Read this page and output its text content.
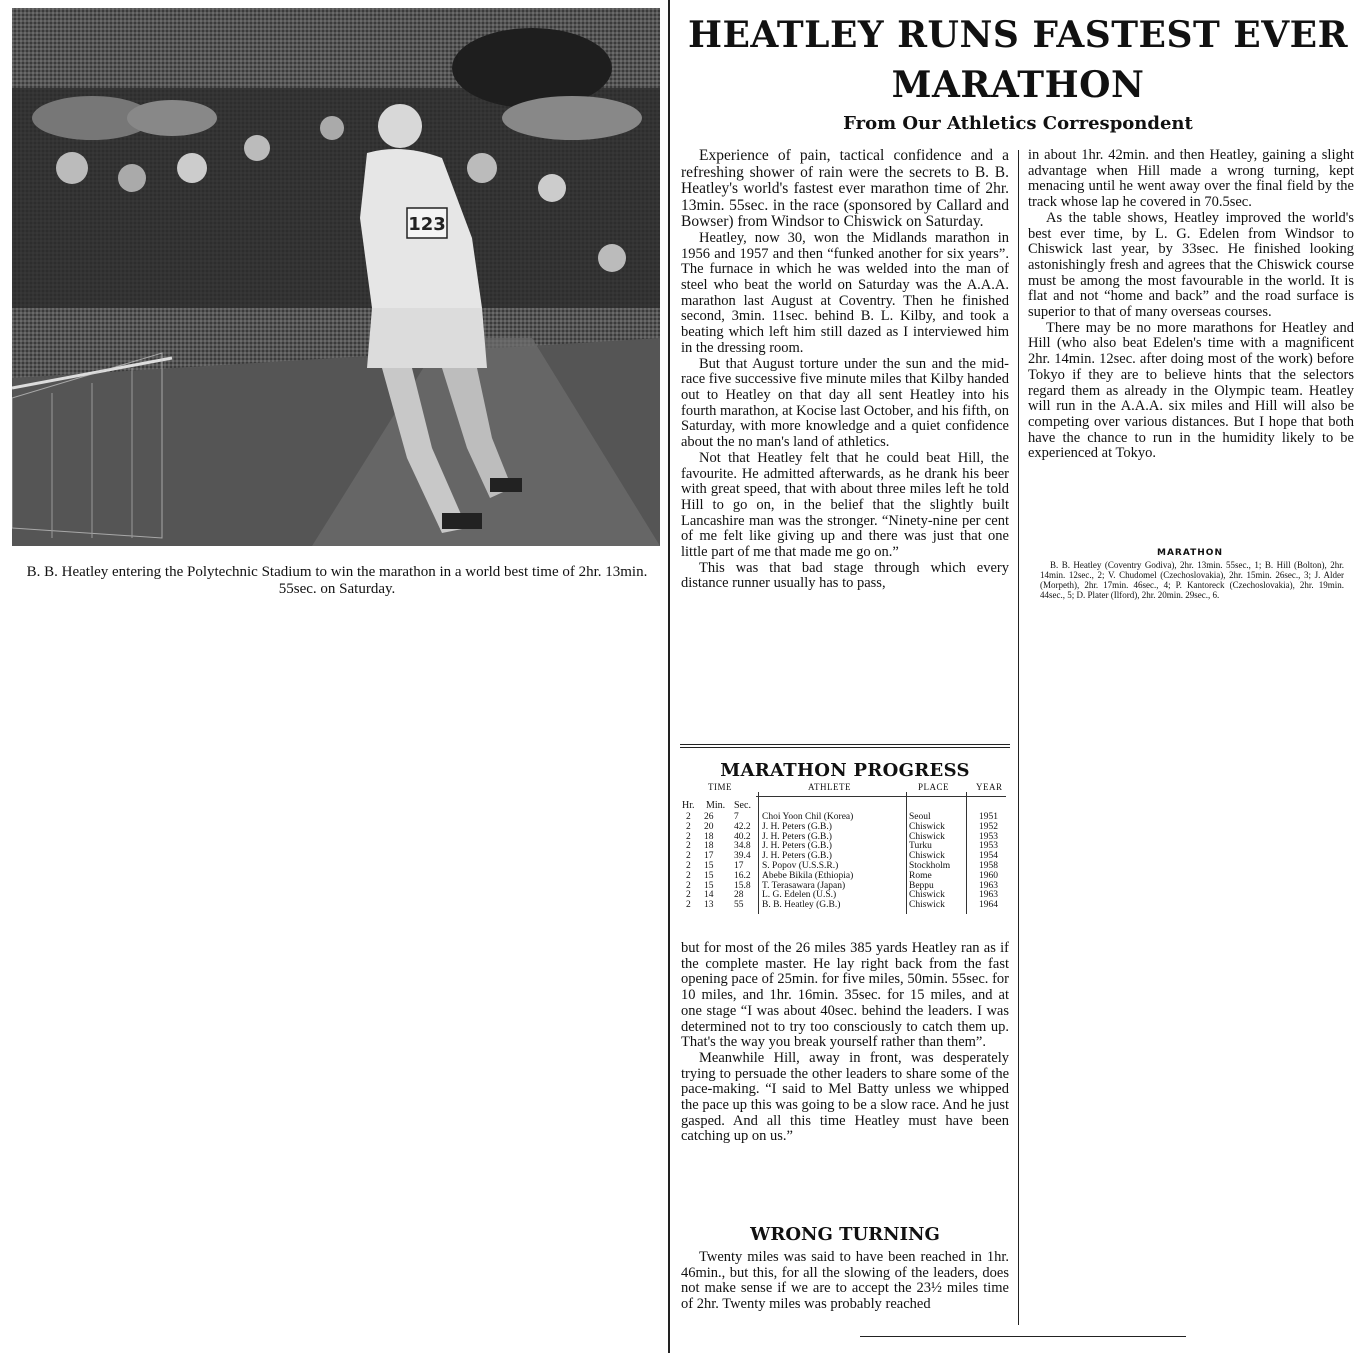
123
B. B. Heatley entering the Polytechnic Stadium to win the marathon in a world best time of 2hr. 13min. 55sec. on Saturday.
HEATLEY RUNS FASTEST EVER MARATHON
From Our Athletics Correspondent

Experience of pain, tactical confidence and a refreshing shower of rain were the secrets to B. B. Heatley's world's fastest ever marathon time of 2hr. 13min. 55sec. in the race (sponsored by Callard and Bowser) from Windsor to Chiswick on Saturday.

Heatley, now 30, won the Midlands marathon in 1956 and 1957 and then “funked another for six years”. The furnace in which he was welded into the man of steel who beat the world on Saturday was the A.A.A. marathon last August at Coventry. Then he finished second, 3min. 11sec. behind B. L. Kilby, and took a beating which left him still dazed as I interviewed him in the dressing room.

But that August torture under the sun and the mid-race five successive five minute miles that Kilby handed out to Heatley on that day all sent Heatley into his fourth marathon, at Kocise last October, and his fifth, on Saturday, with more knowledge and a quiet confidence about the no man's land of athletics.

Not that Heatley felt that he could beat Hill, the favourite. He admitted afterwards, as he drank his beer with great speed, that with about three miles left he told Hill to go on, in the belief that the slightly built Lancashire man was the stronger. “Ninety-nine per cent of me felt like giving up and there was just that one little part of me that made me go on.”

This was that bad stage through which every distance runner usually has to pass,

MARATHON PROGRESS
TIME	ATHLETE	PLACE	YEAR
Hr. Min. Sec.
2 26 7 Choi Yoon Chil (Korea)	Seoul	1951
2 20 42.2 J. H. Peters (G.B.)	Chiswick	1952
2 18 40.2 J. H. Peters (G.B.)	Chiswick	1953
2 18 34.8 J. H. Peters (G.B.)	Turku	1953
2 17 39.4 J. H. Peters (G.B.)	Chiswick	1954
2 15 17 S. Popov (U.S.S.R.)	Stockholm	1958
2 15 16.2 Abebe Bikila (Ethiopia)	Rome	1960
2 15 15.8 T. Terasawara (Japan)	Beppu	1963
2 14 28 L. G. Edelen (U.S.)	Chiswick	1963
2 13 55 B. B. Heatley (G.B.)	Chiswick	1964

but for most of the 26 miles 385 yards Heatley ran as if the complete master. He lay right back from the fast opening pace of 25min. for five miles, 50min. 55sec. for 10 miles, and 1hr. 16min. 35sec. for 15 miles, and at one stage “I was about 40sec. behind the leaders. I was determined not to try too consciously to catch them up. That's the way you break yourself rather than them”.

Meanwhile Hill, away in front, was desperately trying to persuade the other leaders to share some of the pace-making. “I said to Mel Batty unless we whipped the pace up this was going to be a slow race. And he just gasped. And all this time Heatley must have been catching up on us.”

WRONG TURNING

Twenty miles was said to have been reached in 1hr. 46min., but this, for all the slowing of the leaders, does not make sense if we are to accept the 23½ miles time of 2hr. Twenty miles was probably reached

in about 1hr. 42min. and then Heatley, gaining a slight advantage when Hill made a wrong turning, kept menacing until he went away over the final field by the track whose lap he covered in 70.5sec.

As the table shows, Heatley improved the world's best ever time, by L. G. Edelen from Windsor to Chiswick last year, by 33sec. He finished looking astonishingly fresh and agrees that the Chiswick course must be among the most favourable in the world. It is flat and not “home and back” and the road surface is superior to that of many overseas courses.

There may be no more marathons for Heatley and Hill (who also beat Edelen's time with a magnificent 2hr. 14min. 12sec. after doing most of the work) before Tokyo if they are to believe hints that the selectors regard them as already in the Olympic team. Heatley will run in the A.A.A. six miles and Hill will also be competing over various distances. But I hope that both have the chance to run in the humidity likely to be experienced at Tokyo.

MARATHON
B. B. Heatley (Coventry Godiva), 2hr. 13min. 55sec., 1; B. Hill (Bolton), 2hr. 14min. 12sec., 2; V. Chudomel (Czechoslovakia), 2hr. 15min. 26sec., 3; J. Alder (Morpeth), 2hr. 17min. 46sec., 4; P. Kantoreck (Czechoslovakia), 2hr. 19min. 44sec., 5; D. Plater (Ilford), 2hr. 20min. 29sec., 6.
